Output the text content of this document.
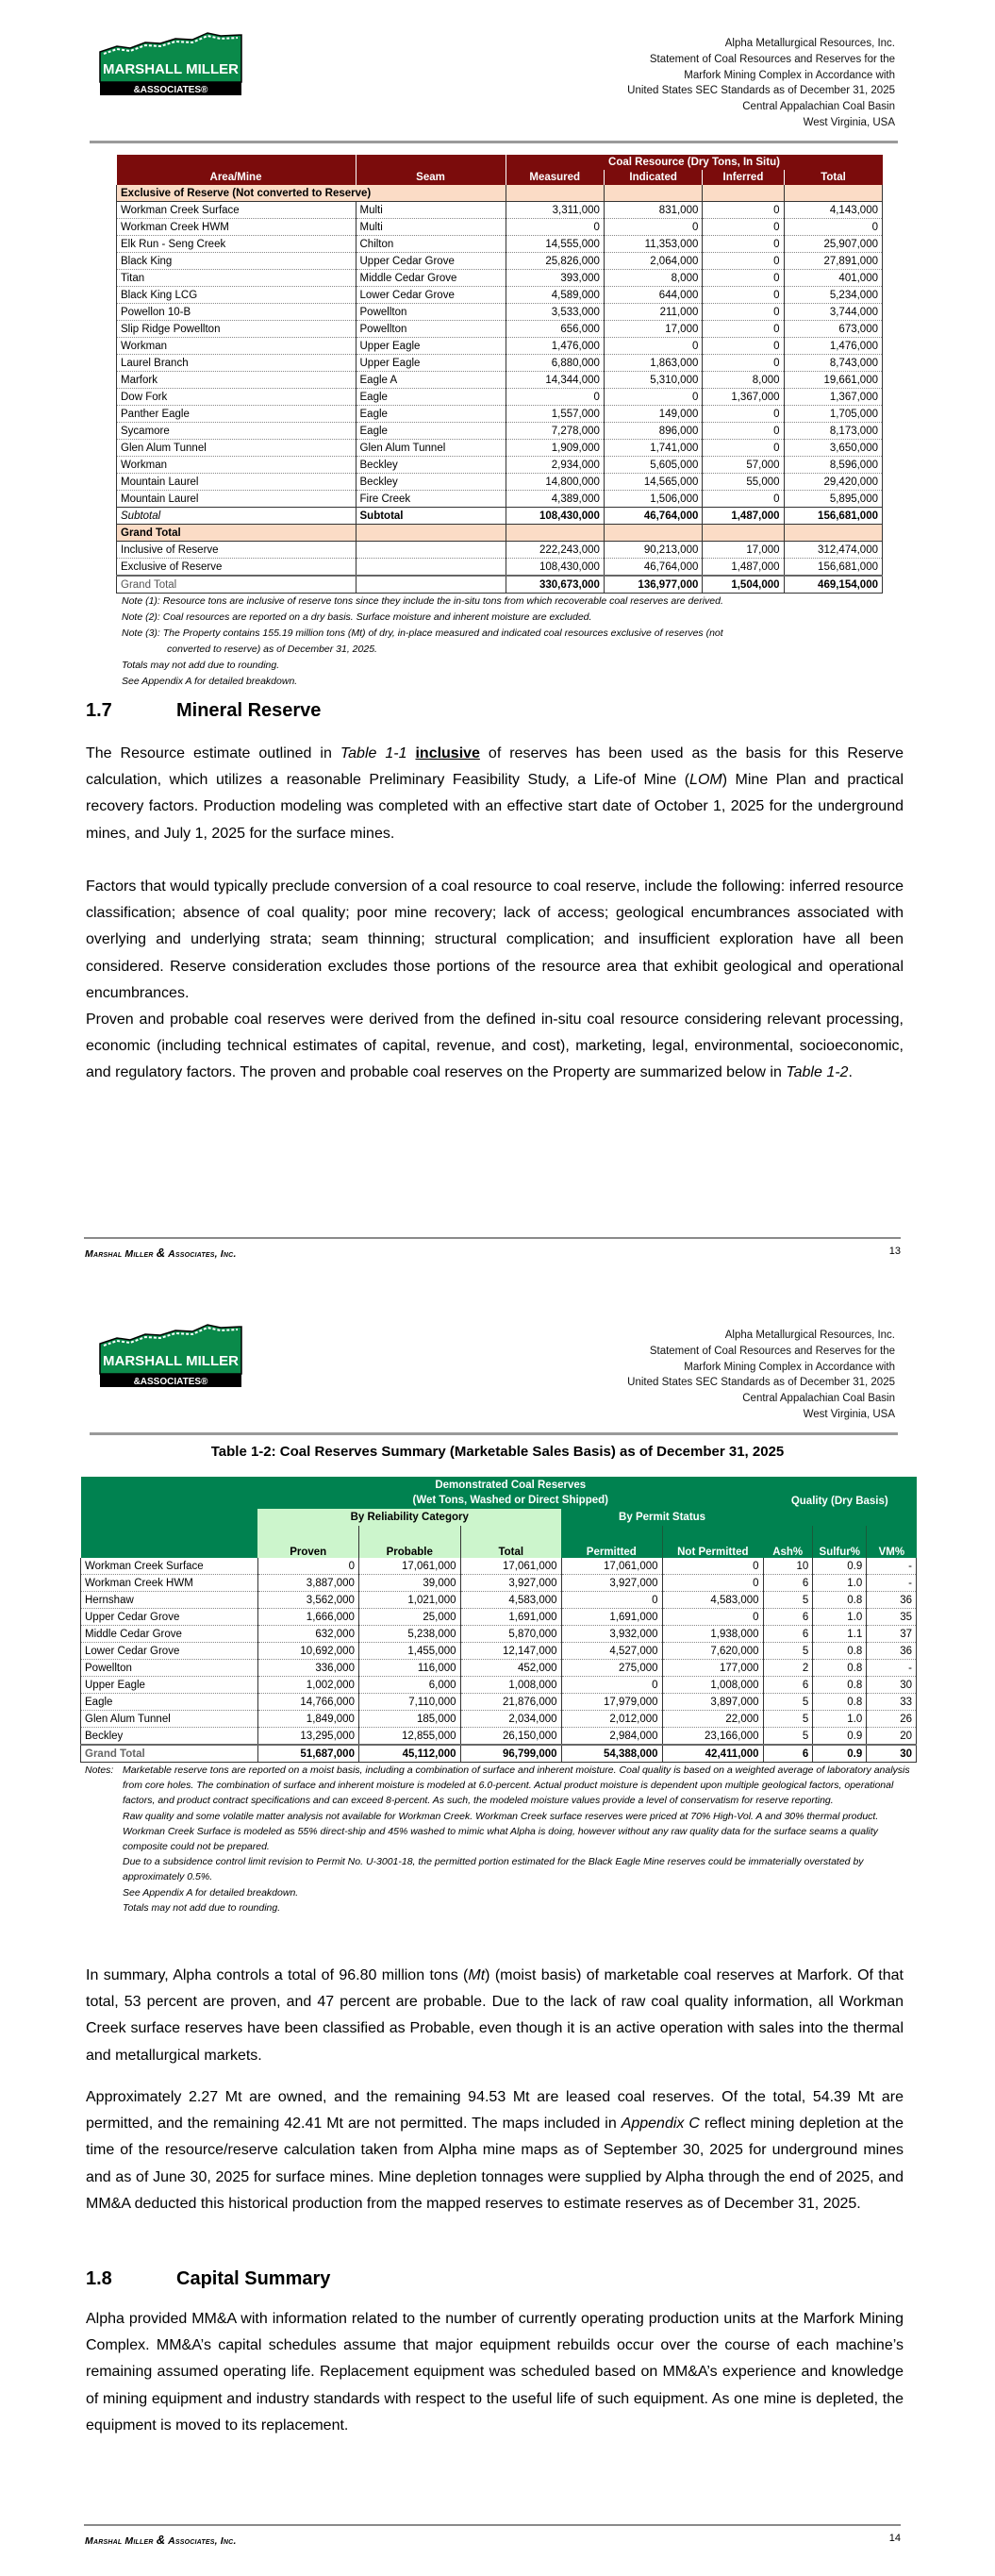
MARSHALL MILLER
&ASSOCIATES®
Alpha Metallurgical Resources, Inc.
Statement of Coal Resources and Reserves for the
Marfork Mining Complex in Accordance with
United States SEC Standards as of December 31, 2025
Central Appalachian Coal Basin
West Virginia, USA
		Coal Resource (Dry Tons, In Situ)			
Area/Mine	Seam	Measured	Indicated	Inferred	Total
Exclusive of Reserve (Not converted to Reserve)					
Workman Creek Surface	Multi	3,311,000	831,000	0	4,143,000
Workman Creek HWM	Multi	0	0	0	0
Elk Run - Seng Creek	Chilton	14,555,000	11,353,000	0	25,907,000
Black King	Upper Cedar Grove	25,826,000	2,064,000	0	27,891,000
Titan	Middle Cedar Grove	393,000	8,000	0	401,000
Black King LCG	Lower Cedar Grove	4,589,000	644,000	0	5,234,000
Powellon 10-B	Powellton	3,533,000	211,000	0	3,744,000
Slip Ridge Powellton	Powellton	656,000	17,000	0	673,000
Workman	Upper Eagle	1,476,000	0	0	1,476,000
Laurel Branch	Upper Eagle	6,880,000	1,863,000	0	8,743,000
Marfork	Eagle A	14,344,000	5,310,000	8,000	19,661,000
Dow Fork	Eagle	0	0	1,367,000	1,367,000
Panther Eagle	Eagle	1,557,000	149,000	0	1,705,000
Sycamore	Eagle	7,278,000	896,000	0	8,173,000
Glen Alum Tunnel	Glen Alum Tunnel	1,909,000	1,741,000	0	3,650,000
Workman	Beckley	2,934,000	5,605,000	57,000	8,596,000
Mountain Laurel	Beckley	14,800,000	14,565,000	55,000	29,420,000
Mountain Laurel	Fire Creek	4,389,000	1,506,000	0	5,895,000
Subtotal	Subtotal	108,430,000	46,764,000	1,487,000	156,681,000
Grand Total					
Inclusive of Reserve		222,243,000	90,213,000	17,000	312,474,000
Exclusive of Reserve		108,430,000	46,764,000	1,487,000	156,681,000
Grand Total		330,673,000	136,977,000	1,504,000	469,154,000
Note (1): Resource tons are inclusive of reserve tons since they include the in-situ tons from which recoverable coal reserves are derived.
Note (2): Coal resources are reported on a dry basis. Surface moisture and inherent moisture are excluded.
Note (3): The Property contains 155.19 million tons (Mt) of dry, in-place measured and indicated coal resources exclusive of reserves (not
converted to reserve) as of December 31, 2025.
Totals may not add due to rounding.
See Appendix A for detailed breakdown.
1.7	Mineral Reserve

The Resource estimate outlined in Table 1-1 inclusive of reserves has been used as the basis for this Reserve calculation, which utilizes a reasonable Preliminary Feasibility Study, a Life-of Mine (LOM) Mine Plan and practical recovery factors. Production modeling was completed with an effective start date of October 1, 2025 for the underground mines, and July 1, 2025 for the surface mines.

Factors that would typically preclude conversion of a coal resource to coal reserve, include the following: inferred resource classification; absence of coal quality; poor mine recovery; lack of access; geological encumbrances associated with overlying and underlying strata; seam thinning; structural complication; and insufficient exploration have all been considered. Reserve consideration excludes those portions of the resource area that exhibit geological and operational encumbrances.

Proven and probable coal reserves were derived from the defined in-situ coal resource considering relevant processing, economic (including technical estimates of capital, revenue, and cost), marketing, legal, environmental, socioeconomic, and regulatory factors. The proven and probable coal reserves on the Property are summarized below in Table 1-2.

Marshal Miller & Associates, Inc.	13
MARSHALL MILLER
&ASSOCIATES®
Alpha Metallurgical Resources, Inc.
Statement of Coal Resources and Reserves for the
Marfork Mining Complex in Accordance with
United States SEC Standards as of December 31, 2025
Central Appalachian Coal Basin
West Virginia, USA
Table 1-2: Coal Reserves Summary (Marketable Sales Basis) as of December 31, 2025

	Demonstrated Coal Reserves
(Wet Tons, Washed or Direct Shipped)					Quality (Dry Basis)		
	By Reliability Category			By Permit Status				
	Proven	Probable	Total	Permitted	Not Permitted	Ash%	Sulfur%	VM%
Workman Creek Surface	0	17,061,000	17,061,000	17,061,000	0	10	0.9	-
Workman Creek HWM	3,887,000	39,000	3,927,000	3,927,000	0	6	1.0	-
Hernshaw	3,562,000	1,021,000	4,583,000	0	4,583,000	5	0.8	36
Upper Cedar Grove	1,666,000	25,000	1,691,000	1,691,000	0	6	1.0	35
Middle Cedar Grove	632,000	5,238,000	5,870,000	3,932,000	1,938,000	6	1.1	37
Lower Cedar Grove	10,692,000	1,455,000	12,147,000	4,527,000	7,620,000	5	0.8	36
Powellton	336,000	116,000	452,000	275,000	177,000	2	0.8	-
Upper Eagle	1,002,000	6,000	1,008,000	0	1,008,000	6	0.8	30
Eagle	14,766,000	7,110,000	21,876,000	17,979,000	3,897,000	5	0.8	33
Glen Alum Tunnel	1,849,000	185,000	2,034,000	2,012,000	22,000	5	1.0	26
Beckley	13,295,000	12,855,000	26,150,000	2,984,000	23,166,000	5	0.9	20
Grand Total	51,687,000	45,112,000	96,799,000	54,388,000	42,411,000	6	0.9	30
Notes: Marketable reserve tons are reported on a moist basis, including a combination of surface and inherent moisture. Coal quality is based on a weighted average of laboratory analysis from core holes. The combination of surface and inherent moisture is modeled at 6.0-percent. Actual product moisture is dependent upon multiple geological factors, operational factors, and product contract specifications and can exceed 8-percent. As such, the modeled moisture values provide a level of conservatism for reserve reporting.
Raw quality and some volatile matter analysis not available for Workman Creek. Workman Creek surface reserves were priced at 70% High-Vol. A and 30% thermal product.
Workman Creek Surface is modeled as 55% direct-ship and 45% washed to mimic what Alpha is doing, however without any raw quality data for the surface seams a quality composite could not be prepared.
Due to a subsidence control limit revision to Permit No. U-3001-18, the permitted portion estimated for the Black Eagle Mine reserves could be immaterially overstated by approximately 0.5%.
See Appendix A for detailed breakdown.
Totals may not add due to rounding.

In summary, Alpha controls a total of 96.80 million tons (Mt) (moist basis) of marketable coal reserves at Marfork. Of that total, 53 percent are proven, and 47 percent are probable. Due to the lack of raw coal quality information, all Workman Creek surface reserves have been classified as Probable, even though it is an active operation with sales into the thermal and metallurgical markets.

Approximately 2.27 Mt are owned, and the remaining 94.53 Mt are leased coal reserves. Of the total, 54.39 Mt are permitted, and the remaining 42.41 Mt are not permitted. The maps included in Appendix C reflect mining depletion at the time of the resource/reserve calculation taken from Alpha mine maps as of September 30, 2025 for underground mines and as of June 30, 2025 for surface mines. Mine depletion tonnages were supplied by Alpha through the end of 2025, and MM&A deducted this historical production from the mapped reserves to estimate reserves as of December 31, 2025.

1.8	Capital Summary

Alpha provided MM&A with information related to the number of currently operating production units at the Marfork Mining Complex. MM&A’s capital schedules assume that major equipment rebuilds occur over the course of each machine’s remaining assumed operating life. Replacement equipment was scheduled based on MM&A’s experience and knowledge of mining equipment and industry standards with respect to the useful life of such equipment. As one mine is depleted, the equipment is moved to its replacement.

Marshal Miller & Associates, Inc.	14
